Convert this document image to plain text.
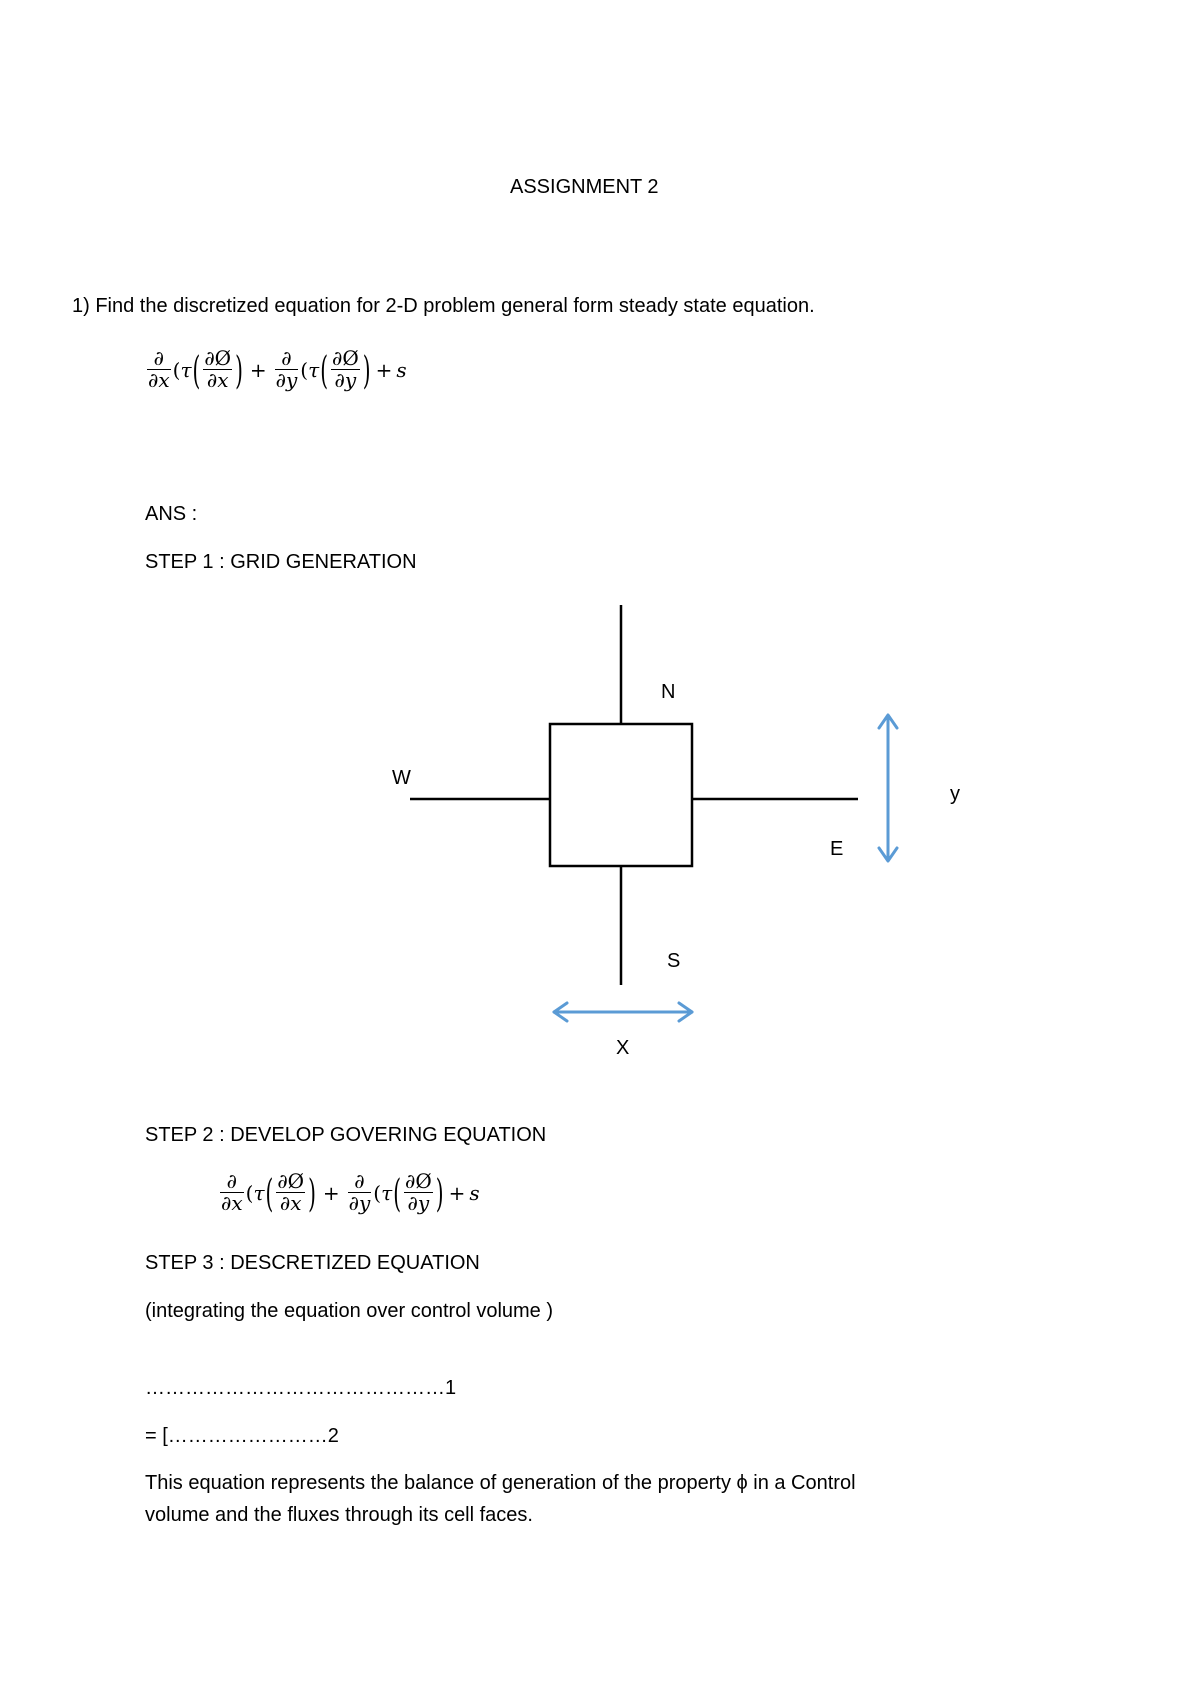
ASSIGNMENT 2
1) Find the discretized equation for 2-D problem general form steady state equation.
$\frac{\partial}{\partial x}$ ( τ ( $\frac{\partial Ø}{\partial x}$ ) + $\frac{\partial}{\partial y}$ ( τ ( $\frac{\partial Ø}{\partial y}$ ) + s
ANS :
STEP 1 : GRID GENERATION
N
W
E
S
X
y
STEP 2 : DEVELOP GOVERING EQUATION
$\frac{\partial}{\partial x}$ ( τ ( $\frac{\partial Ø}{\partial x}$ ) + $\frac{\partial}{\partial y}$ ( τ ( $\frac{\partial Ø}{\partial y}$ ) + s
STEP 3 : DESCRETIZED EQUATION
(integrating the equation over control volume )
………………………………………1
= [……………………2
This equation represents the balance of generation of the property ϕ in a Control
volume and the fluxes through its cell faces.
